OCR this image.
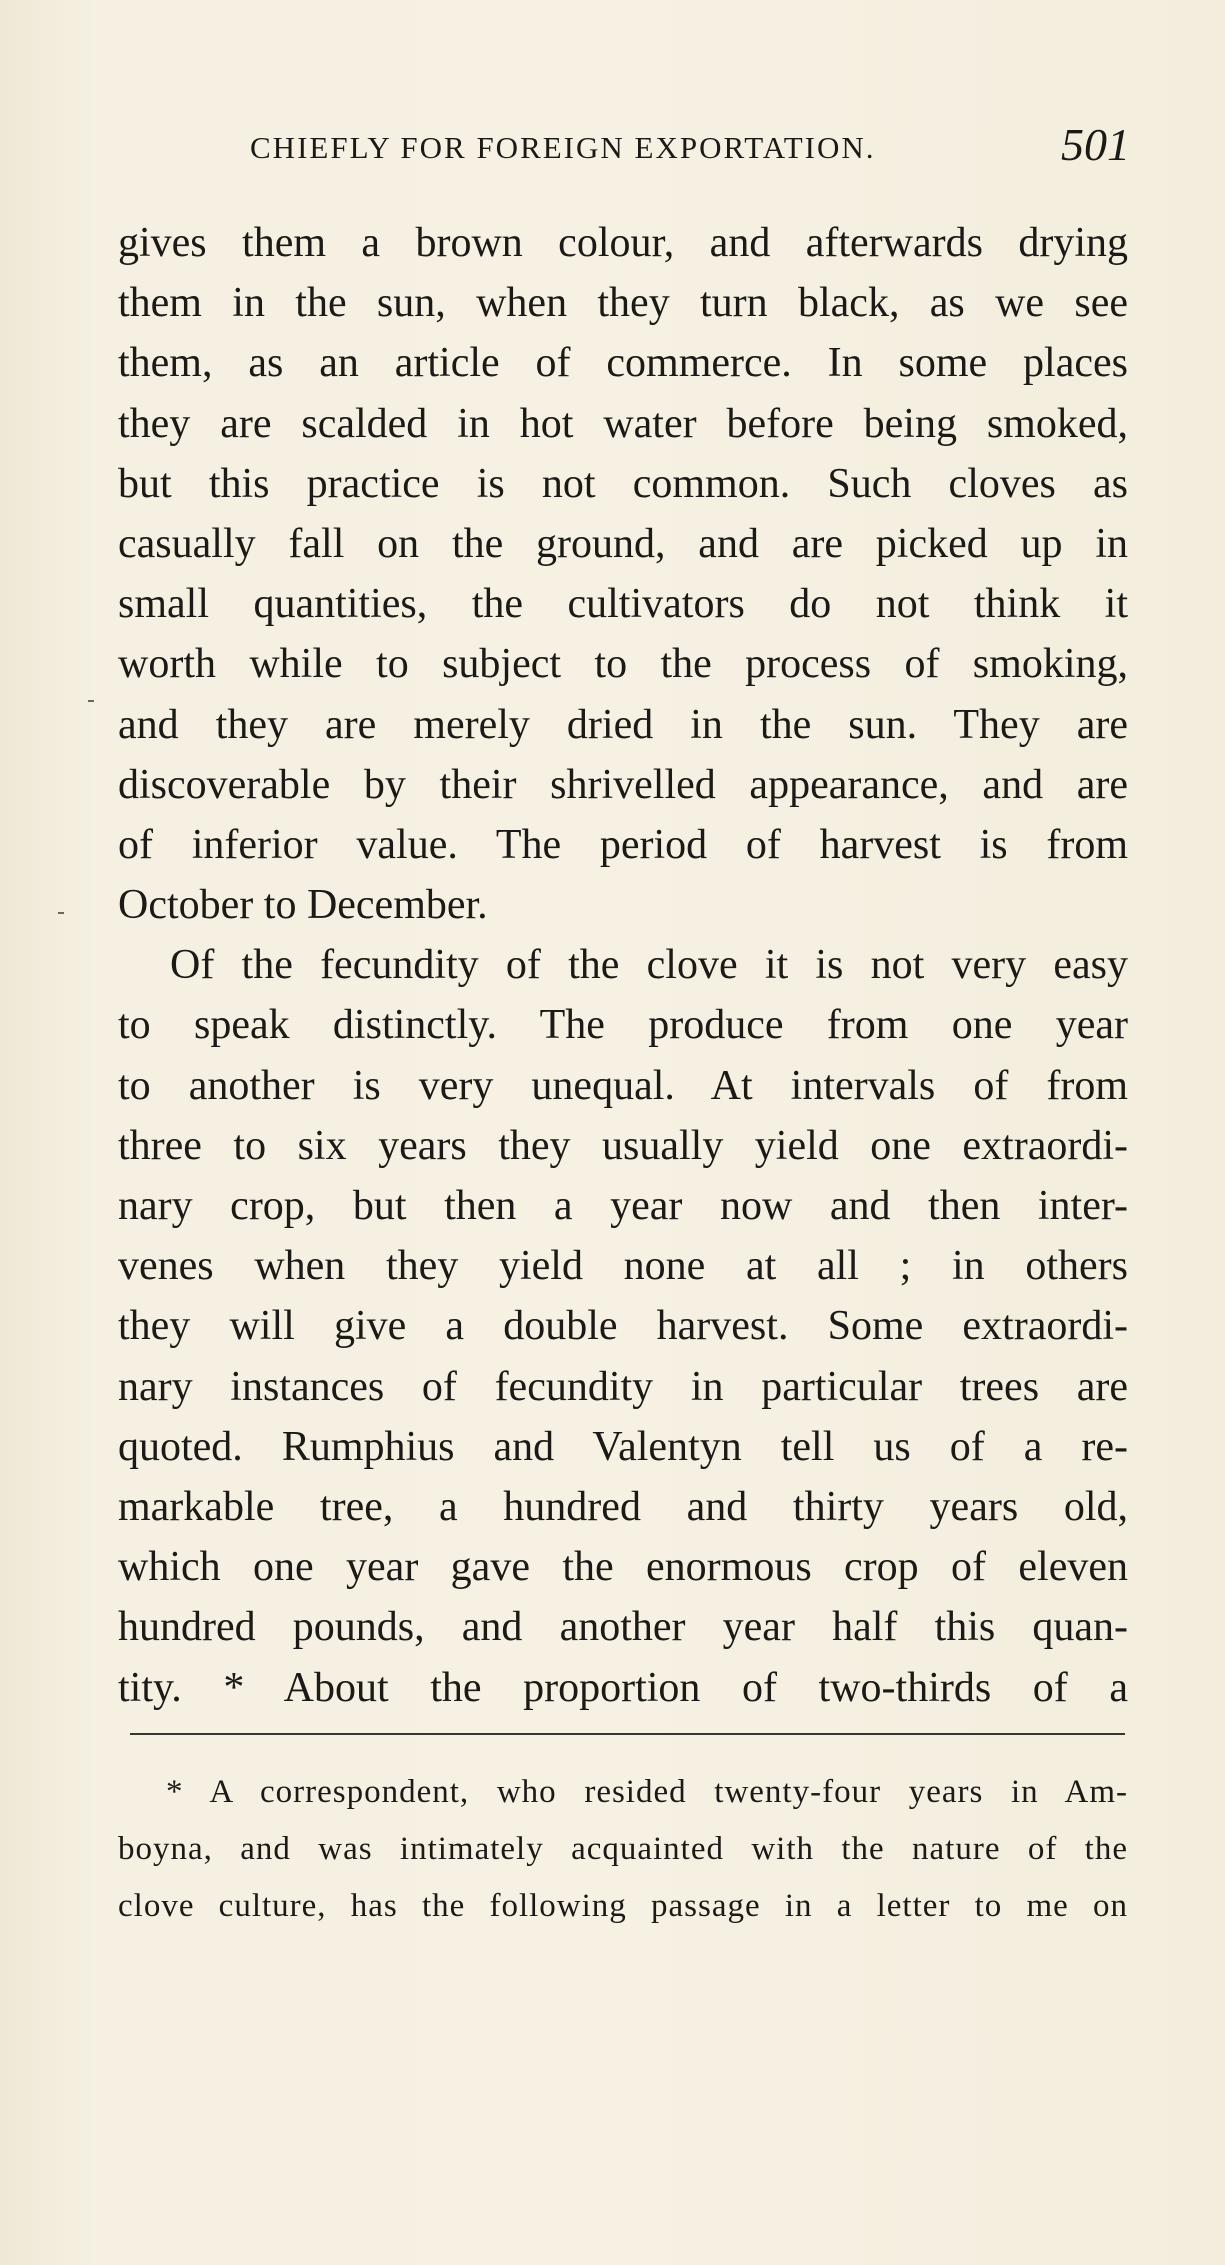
CHIEFLY FOR FOREIGN EXPORTATION.	501
gives them a brown colour, and afterwards drying
them in the sun, when they turn black, as we see
them, as an article of commerce. In some places
they are scalded in hot water before being smoked,
but this practice is not common. Such cloves as
casually fall on the ground, and are picked up in
small quantities, the cultivators do not think it
worth while to subject to the process of smoking,
and they are merely dried in the sun. They are
discoverable by their shrivelled appearance, and are
of inferior value. The period of harvest is from
October to December.
Of the fecundity of the clove it is not very easy
to speak distinctly. The produce from one year
to another is very unequal. At intervals of from
three to six years they usually yield one extraordi-
nary crop, but then a year now and then inter-
venes when they yield none at all ; in others
they will give a double harvest. Some extraordi-
nary instances of fecundity in particular trees are
quoted. Rumphius and Valentyn tell us of a re-
markable tree, a hundred and thirty years old,
which one year gave the enormous crop of eleven
hundred pounds, and another year half this quan-
tity. * About the proportion of two-thirds of a
* A correspondent, who resided twenty-four years in Am-
boyna, and was intimately acquainted with the nature of the
clove culture, has the following passage in a letter to me on
